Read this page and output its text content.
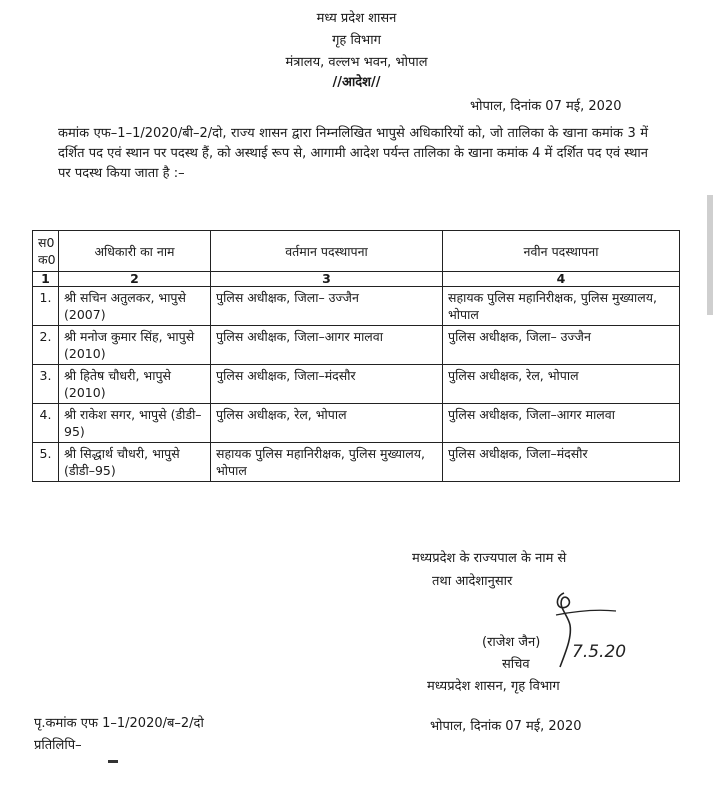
मध्य प्रदेश शासन
गृह विभाग
मंत्रालय, वल्लभ भवन, भोपाल
//आदेश//
भोपाल, दिनांक 07 मई, 2020
कमांक एफ–1–1/2020/बी–2/दो, राज्य शासन द्वारा निम्नलिखित भापुसे अधिकारियों को, जो तालिका के खाना कमांक 3 में दर्शित पद एवं स्थान पर पदस्थ हैं, को अस्थाई रूप से, आगामी आदेश पर्यन्त तालिका के खाना कमांक 4 में दर्शित पद एवं स्थान पर पदस्थ किया जाता है :–
स0 क0	अधिकारी का नाम	वर्तमान पदस्थापना	नवीन पदस्थापना
1	2	3	4
1.	श्री सचिन अतुलकर, भापुसे (2007)	पुलिस अधीक्षक, जिला– उज्जैन	सहायक पुलिस महानिरीक्षक, पुलिस मुख्यालय, भोपाल
2.	श्री मनोज कुमार सिंह, भापुसे (2010)	पुलिस अधीक्षक, जिला–आगर मालवा	पुलिस अधीक्षक, जिला– उज्जैन
3.	श्री हितेष चौधरी, भापुसे (2010)	पुलिस अधीक्षक, जिला–मंदसौर	पुलिस अधीक्षक, रेल, भोपाल
4.	श्री राकेश सगर, भापुसे (डीडी–95)	पुलिस अधीक्षक, रेल, भोपाल	पुलिस अधीक्षक, जिला–आगर मालवा
5.	श्री सिद्धार्थ चौधरी, भापुसे (डीडी–95)	सहायक पुलिस महानिरीक्षक, पुलिस मुख्यालय, भोपाल	पुलिस अधीक्षक, जिला–मंदसौर
मध्यप्रदेश के राज्यपाल के नाम से
तथा आदेशानुसार
7.5.20
(राजेश जैन)
सचिव
मध्यप्रदेश शासन, गृह विभाग
पृ.कमांक एफ 1–1/2020/ब–2/दो
प्रतिलिपि–
भोपाल, दिनांक 07 मई, 2020
